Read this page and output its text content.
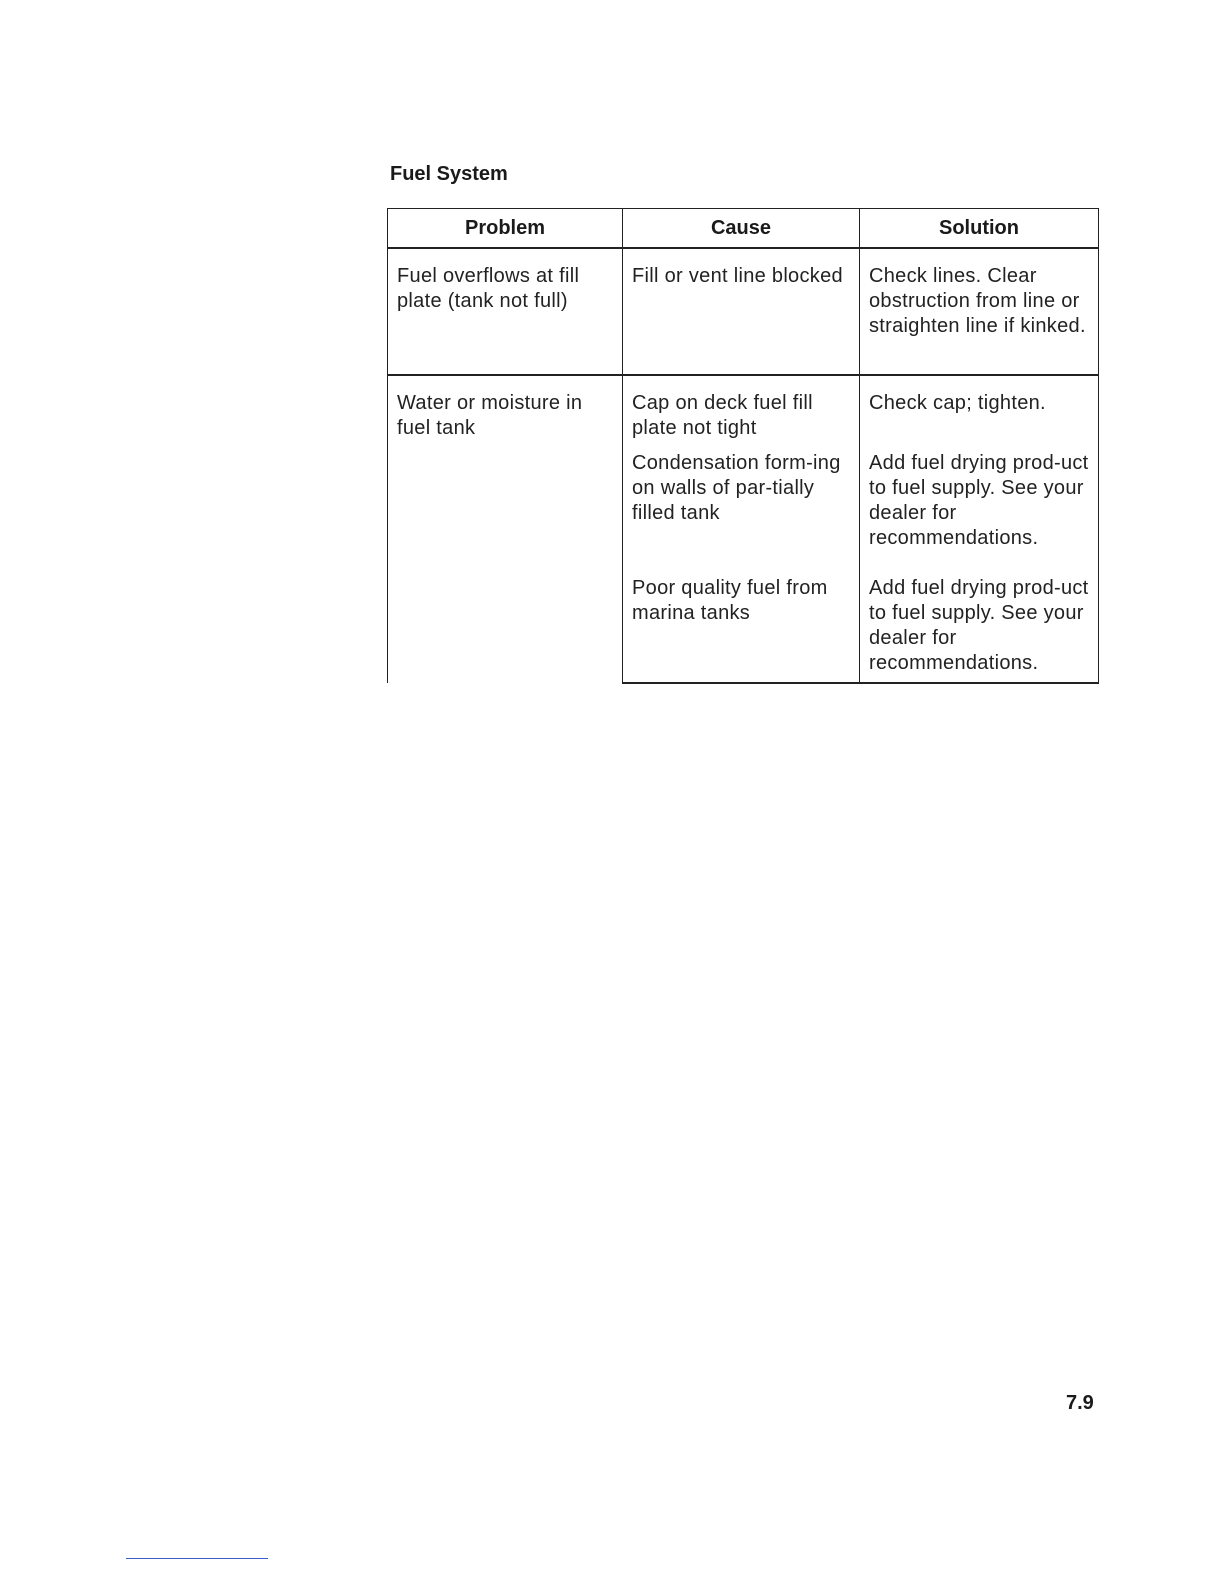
Fuel System
Problem	Cause	Solution
Fuel overflows at fill plate (tank not full)	Fill or vent line blocked	Check lines. Clear obstruction from line or straighten line if kinked.
Water or moisture in fuel tank	Cap on deck fuel fill plate not tight	Check cap; tighten.
	Condensation form-ing on walls of par-tially filled tank	Add fuel drying prod-uct to fuel supply. See your dealer for recommendations.
	Poor quality fuel from marina tanks	Add fuel drying prod-uct to fuel supply. See your dealer for recommendations.
7.9
